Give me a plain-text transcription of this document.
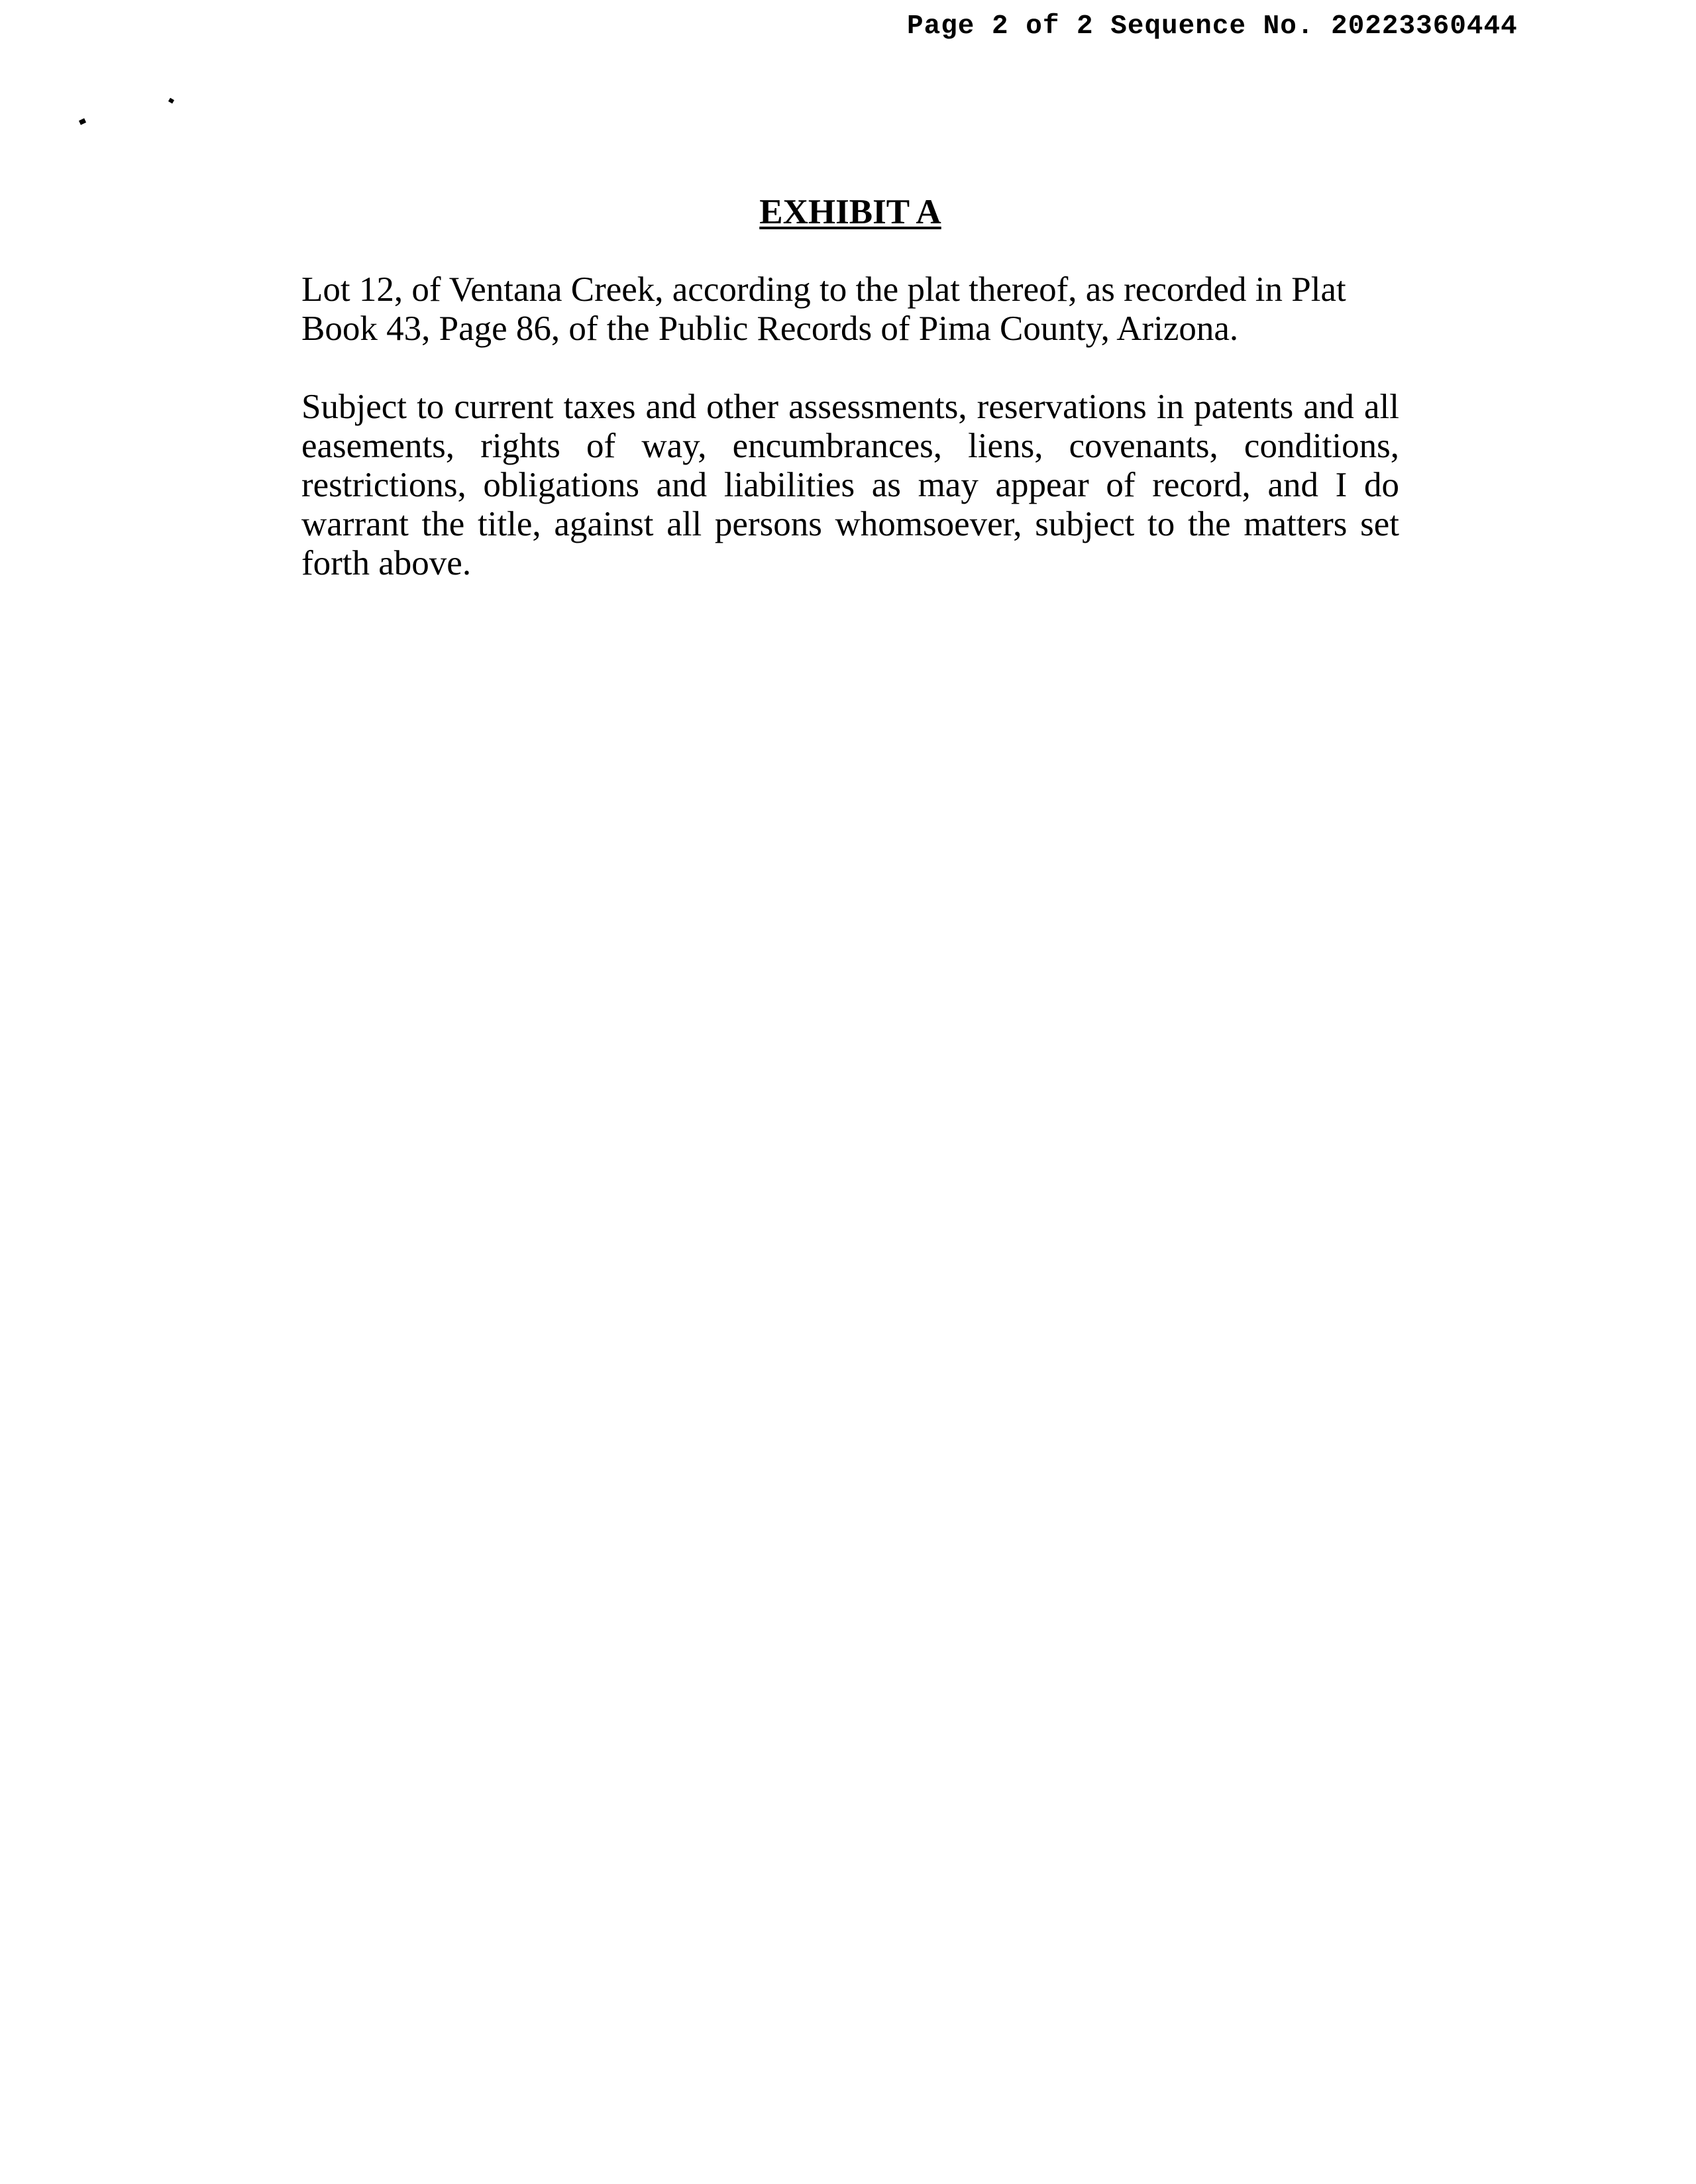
Page 2 of 2 Sequence No. 20223360444
EXHIBIT A

Lot 12, of Ventana Creek, according to the plat thereof, as recorded in Plat Book 43, Page 86, of the Public Records of Pima County, Arizona.

Subject to current taxes and other assessments, reservations in patents and all easements, rights of way, encumbrances, liens, covenants, conditions, restrictions, obligations and liabilities as may appear of record, and I do warrant the title, against all persons whomsoever, subject to the matters set forth above.
